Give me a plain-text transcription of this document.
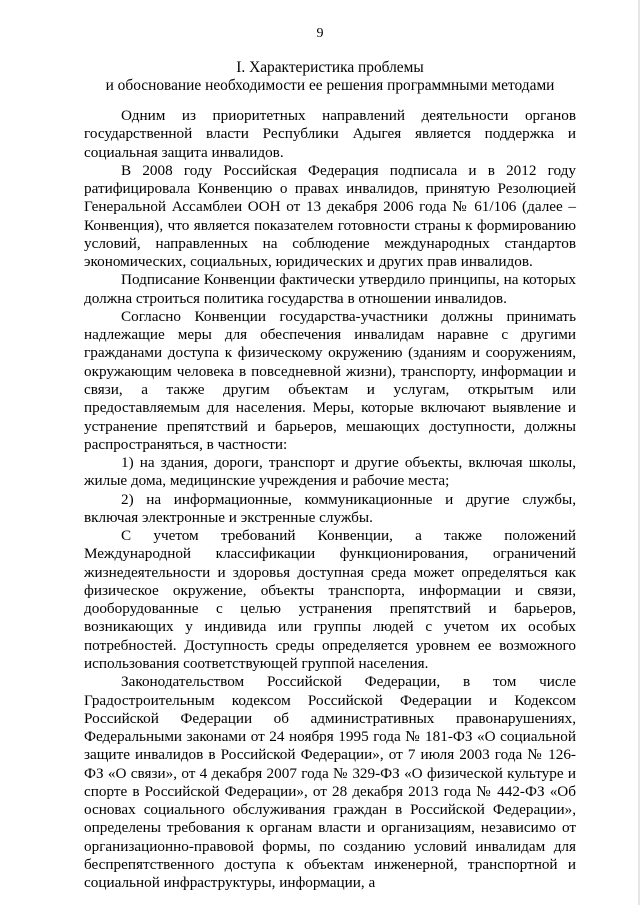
9
I. Характеристика проблемы
и обоснование необходимости ее решения программными методами

Одним из приоритетных направлений деятельности органов государственной власти Республики Адыгея является поддержка и социальная защита инвалидов.

В 2008 году Российская Федерация подписала и в 2012 году ратифицировала Конвенцию о правах инвалидов, принятую Резолюцией Генеральной Ассамблеи ООН от 13 декабря 2006 года № 61/106 (далее – Конвенция), что является показателем готовности страны к формированию условий, направленных на соблюдение международных стандартов экономических, социальных, юридических и других прав инвалидов.

Подписание Конвенции фактически утвердило принципы, на которых должна строиться политика государства в отношении инвалидов.

Согласно Конвенции государства-участники должны принимать надлежащие меры для обеспечения инвалидам наравне с другими гражданами доступа к физическому окружению (зданиям и сооружениям, окружающим человека в повседневной жизни), транспорту, информации и связи, а также другим объектам и услугам, открытым или предоставляемым для населения. Меры, которые включают выявление и устранение препятствий и барьеров, мешающих доступности, должны распространяться, в частности:

1) на здания, дороги, транспорт и другие объекты, включая школы, жилые дома, медицинские учреждения и рабочие места;

2) на информационные, коммуникационные и другие службы, включая электронные и экстренные службы.

С учетом требований Конвенции, а также положений Международной классификации функционирования, ограничений жизнедеятельности и здоровья доступная среда может определяться как физическое окружение, объекты транспорта, информации и связи, дооборудованные с целью устранения препятствий и барьеров, возникающих у индивида или группы людей с учетом их особых потребностей. Доступность среды определяется уровнем ее возможного использования соответствующей группой населения.

Законодательством Российской Федерации, в том числе Градостроительным кодексом Российской Федерации и Кодексом Российской Федерации об административных правонарушениях, Федеральными законами от 24 ноября 1995 года № 181-ФЗ «О социальной защите инвалидов в Российской Федерации», от 7 июля 2003 года № 126-ФЗ «О связи», от 4 декабря 2007 года № 329-ФЗ «О физической культуре и спорте в Российской Федерации», от 28 декабря 2013 года № 442-ФЗ «Об основах социального обслуживания граждан в Российской Федерации», определены требования к органам власти и организациям, независимо от организационно-правовой формы, по созданию условий инвалидам для беспрепятственного доступа к объектам инженерной, транспортной и социальной инфраструктуры, информации, а
